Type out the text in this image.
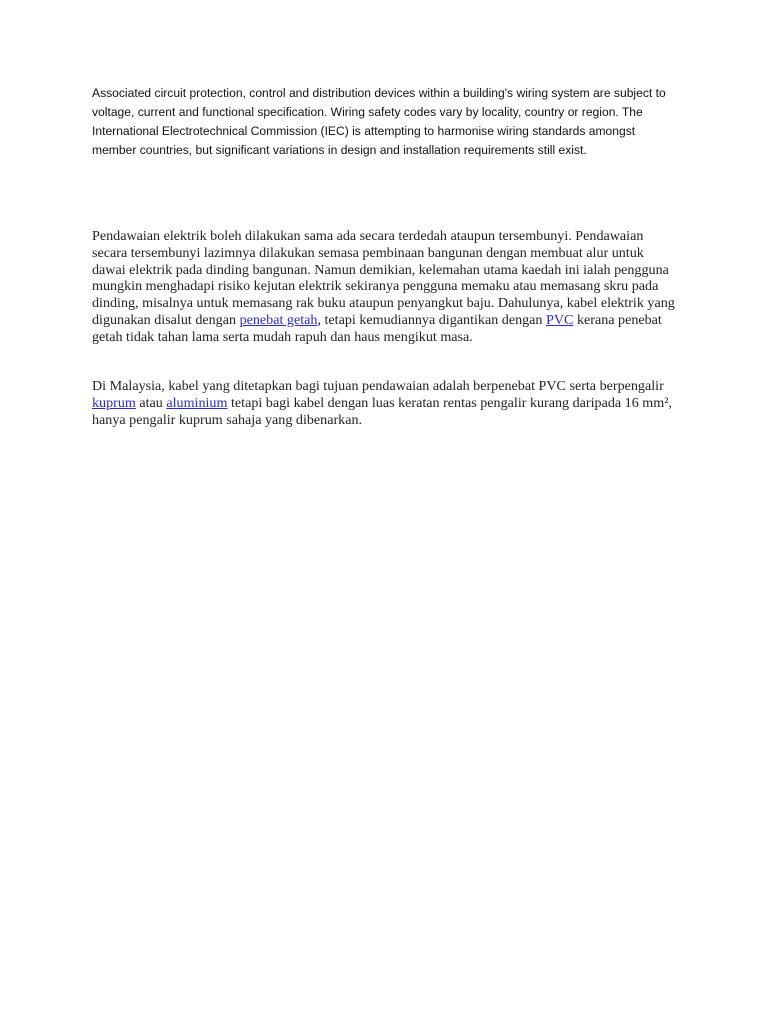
Associated circuit protection, control and distribution devices within a building's wiring system are subject to voltage, current and functional specification. Wiring safety codes vary by locality, country or region. The International Electrotechnical Commission (IEC) is attempting to harmonise wiring standards amongst member countries, but significant variations in design and installation requirements still exist.

Pendawaian elektrik boleh dilakukan sama ada secara terdedah ataupun tersembunyi. Pendawaian secara tersembunyi lazimnya dilakukan semasa pembinaan bangunan dengan membuat alur untuk dawai elektrik pada dinding bangunan. Namun demikian, kelemahan utama kaedah ini ialah pengguna mungkin menghadapi risiko kejutan elektrik sekiranya pengguna memaku atau memasang skru pada dinding, misalnya untuk memasang rak buku ataupun penyangkut baju. Dahulunya, kabel elektrik yang digunakan disalut dengan penebat getah, tetapi kemudiannya digantikan dengan PVC kerana penebat getah tidak tahan lama serta mudah rapuh dan haus mengikut masa.

Di Malaysia, kabel yang ditetapkan bagi tujuan pendawaian adalah berpenebat PVC serta berpengalir kuprum atau aluminium tetapi bagi kabel dengan luas keratan rentas pengalir kurang daripada 16 mm², hanya pengalir kuprum sahaja yang dibenarkan.
